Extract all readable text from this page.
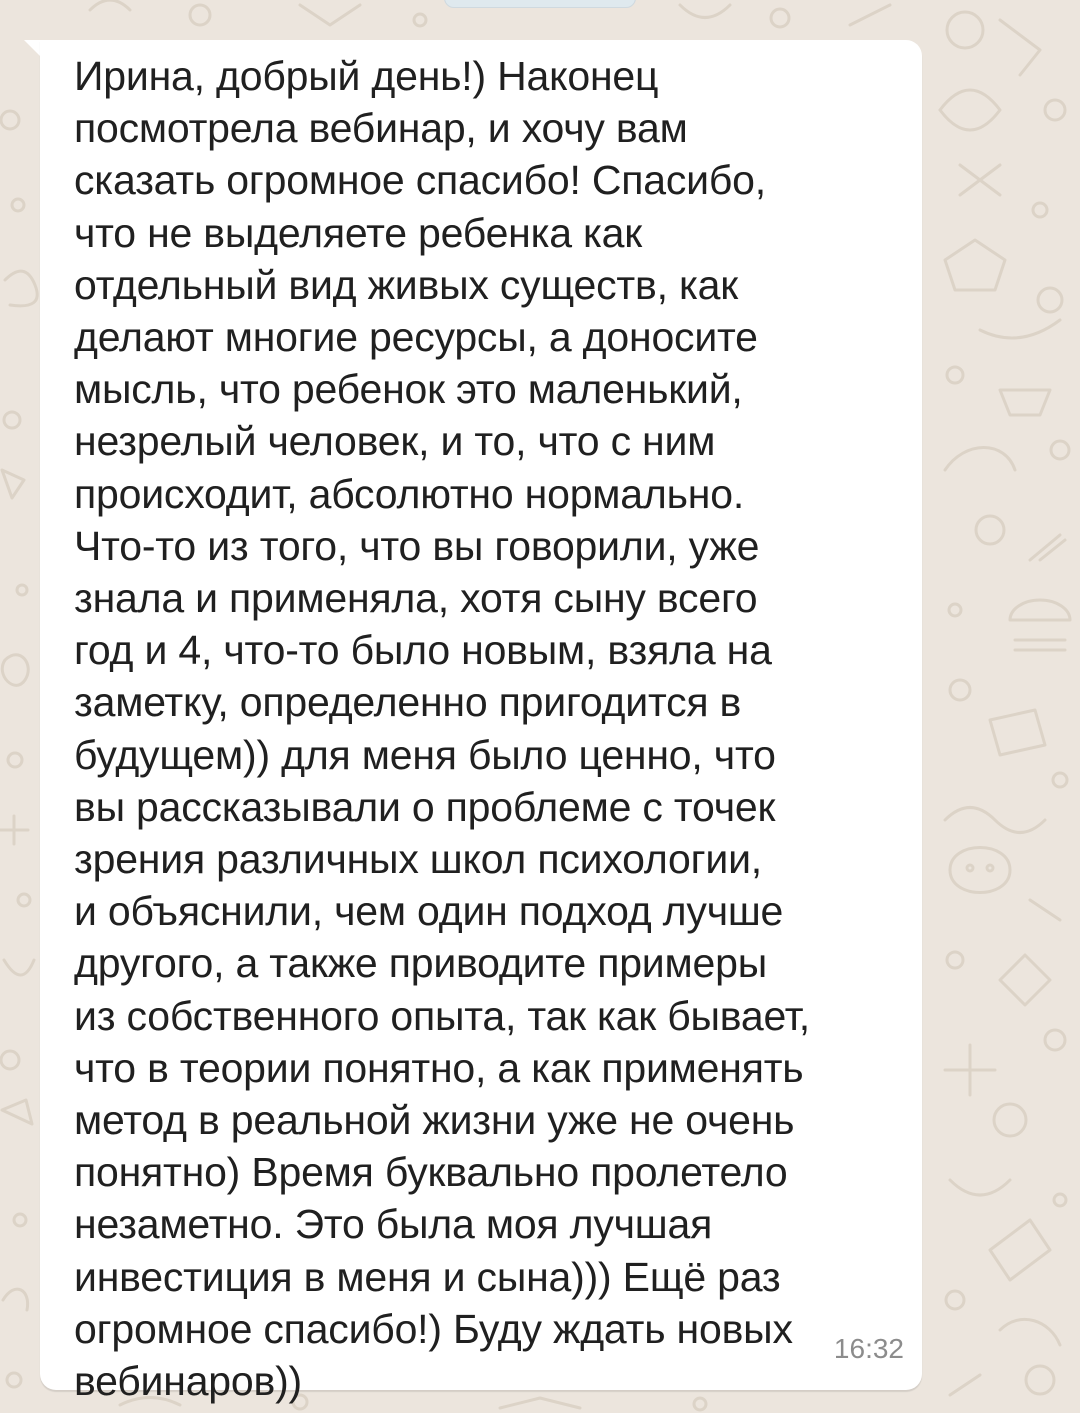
Ирина, добрый день!) Наконец
посмотрела вебинар, и хочу вам
сказать огромное спасибо! Спасибо,
что не выделяете ребенка как
отдельный вид живых существ, как
делают многие ресурсы, а доносите
мысль, что ребенок это маленький,
незрелый человек, и то, что с ним
происходит, абсолютно нормально.
Что-то из того, что вы говорили, уже
знала и применяла, хотя сыну всего
год и 4, что-то было новым, взяла на
заметку, определенно пригодится в
будущем)) для меня было ценно, что
вы рассказывали о проблеме с точек
зрения различных школ психологии,
и объяснили, чем один подход лучше
другого, а также приводите примеры
из собственного опыта, так как бывает,
что в теории понятно, а как применять
метод в реальной жизни уже не очень
понятно) Время буквально пролетело
незаметно. Это была моя лучшая
инвестиция в меня и сына))) Ещё раз
огромное спасибо!) Буду ждать новых
вебинаров))

16:32
